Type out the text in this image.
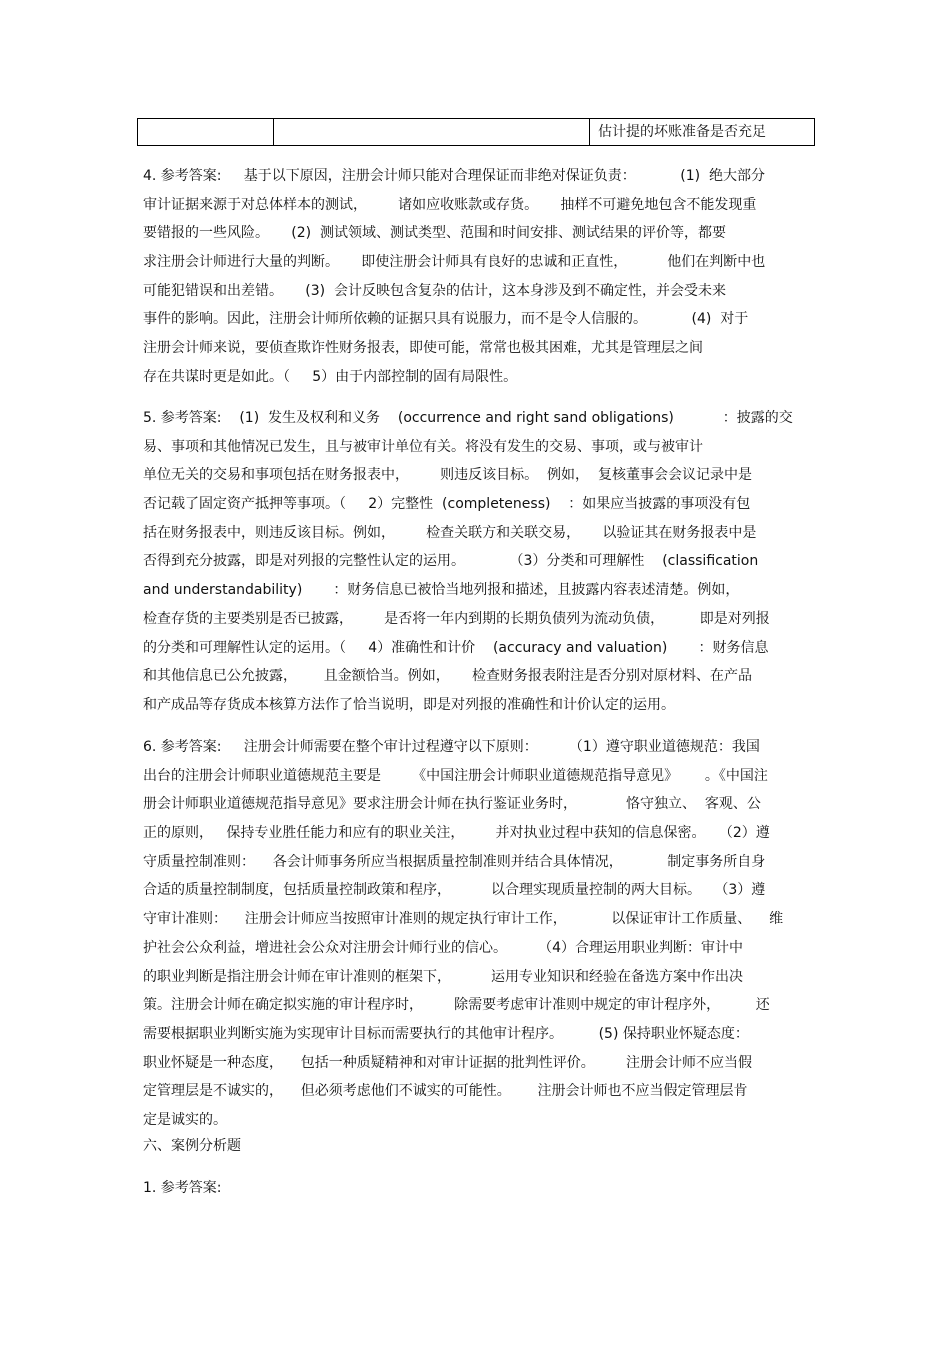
		估计提的坏账准备是否充足
4. 参考答案:     基于以下原因，注册会计师只能对合理保证而非绝对保证负责：          (1)  绝大部分
审计证据来源于对总体样本的测试，       诸如应收账款或存货。     抽样不可避免地包含不能发现重
要错报的一些风险。     (2)  测试领域、测试类型、范围和时间安排、测试结果的评价等，都要
求注册会计师进行大量的判断。     即使注册会计师具有良好的忠诚和正直性，         他们在判断中也
可能犯错误和出差错。     (3)  会计反映包含复杂的估计，这本身涉及到不确定性，并会受未来
事件的影响。因此，注册会计师所依赖的证据只具有说服力，而不是令人信服的。          (4)  对于
注册会计师来说，要侦查欺诈性财务报表，即使可能，常常也极其困难，尤其是管理层之间
存在共谋时更是如此。（     5）由于内部控制的固有局限性。
5. 参考答案:    (1)  发生及权利和义务    (occurrence and right sand obligations)           ：披露的交
易、事项和其他情况已发生，且与被审计单位有关。将没有发生的交易、事项，或与被审计
单位无关的交易和事项包括在财务报表中，       则违反该目标。  例如，  复核董事会会议记录中是
否记载了固定资产抵押等事项。（     2）完整性  (completeness)    ：如果应当披露的事项没有包
括在财务报表中，则违反该目标。例如，       检查关联方和关联交易，     以验证其在财务报表中是
否得到充分披露，即是对列报的完整性认定的运用。          （3）分类和可理解性    (classification
and understandability)       ：财务信息已被恰当地列报和描述，且披露内容表述清楚。例如，
检查存货的主要类别是否已披露，       是否将一年内到期的长期负债列为流动负债，        即是对列报
的分类和可理解性认定的运用。（     4）准确性和计价    (accuracy and valuation)       ：财务信息
和其他信息已公允披露，      且金额恰当。例如，     检查财务报表附注是否分别对原材料、在产品
和产成品等存货成本核算方法作了恰当说明，即是对列报的准确性和计价认定的运用。
6. 参考答案:     注册会计师需要在整个审计过程遵守以下原则：       （1）遵守职业道德规范：我国
出台的注册会计师职业道德规范主要是       《中国注册会计师职业道德规范指导意见》      。《中国注
册会计师职业道德规范指导意见》要求注册会计师在执行鉴证业务时，           恪守独立、  客观、公
正的原则，   保持专业胜任能力和应有的职业关注，       并对执业过程中获知的信息保密。   （2）遵
守质量控制准则：    各会计师事务所应当根据质量控制准则并结合具体情况，          制定事务所自身
合适的质量控制制度，包括质量控制政策和程序，         以合理实现质量控制的两大目标。   （3）遵
守审计准则：    注册会计师应当按照审计准则的规定执行审计工作，          以保证审计工作质量、    维
护社会公众利益，增进社会公众对注册会计师行业的信心。       （4）合理运用职业判断：审计中
的职业判断是指注册会计师在审计准则的框架下，         运用专业知识和经验在备选方案中作出决
策。注册会计师在确定拟实施的审计程序时，       除需要考虑审计准则中规定的审计程序外，        还
需要根据职业判断实施为实现审计目标而需要执行的其他审计程序。        (5) 保持职业怀疑态度：
职业怀疑是一种态度，    包括一种质疑精神和对审计证据的批判性评价。       注册会计师不应当假
定管理层是不诚实的，    但必须考虑他们不诚实的可能性。      注册会计师也不应当假定管理层肯
定是诚实的。
六、案例分析题
1. 参考答案:
